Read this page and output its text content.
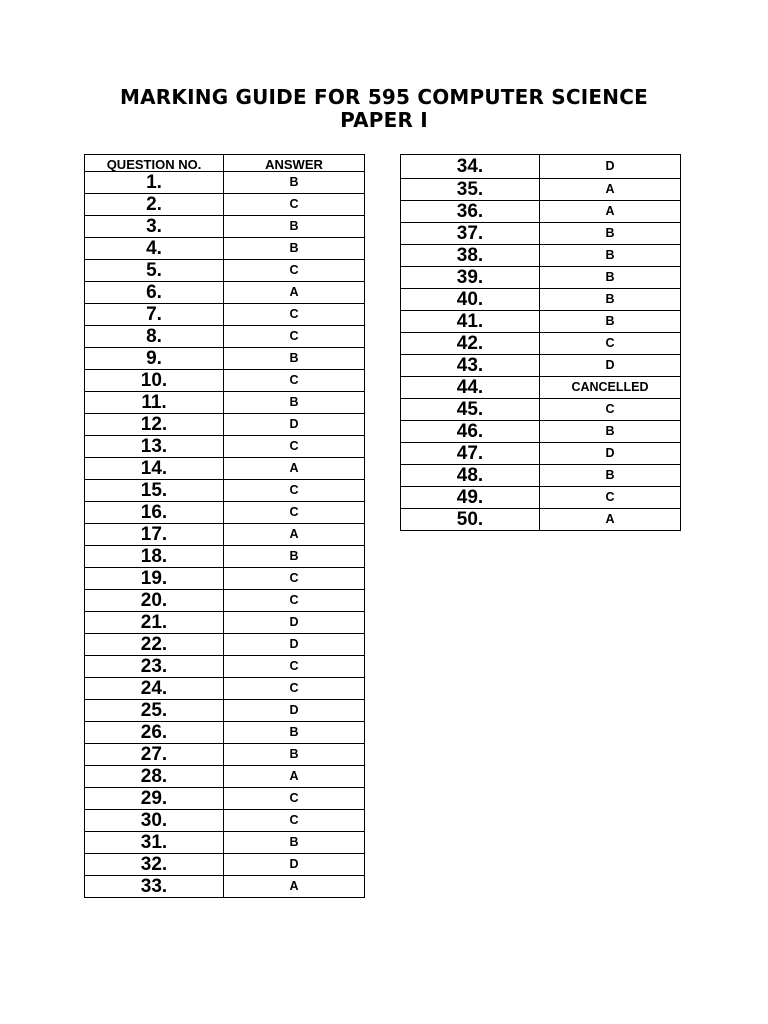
MARKING GUIDE FOR 595 COMPUTER SCIENCE
PAPER I
QUESTION NO.	ANSWER
1.	B
2.	C
3.	B
4.	B
5.	C
6.	A
7.	C
8.	C
9.	B
10.	C
11.	B
12.	D
13.	C
14.	A
15.	C
16.	C
17.	A
18.	B
19.	C
20.	C
21.	D
22.	D
23.	C
24.	C
25.	D
26.	B
27.	B
28.	A
29.	C
30.	C
31.	B
32.	D
33.	A
34.	D
35.	A
36.	A
37.	B
38.	B
39.	B
40.	B
41.	B
42.	C
43.	D
44.	CANCELLED
45.	C
46.	B
47.	D
48.	B
49.	C
50.	A
